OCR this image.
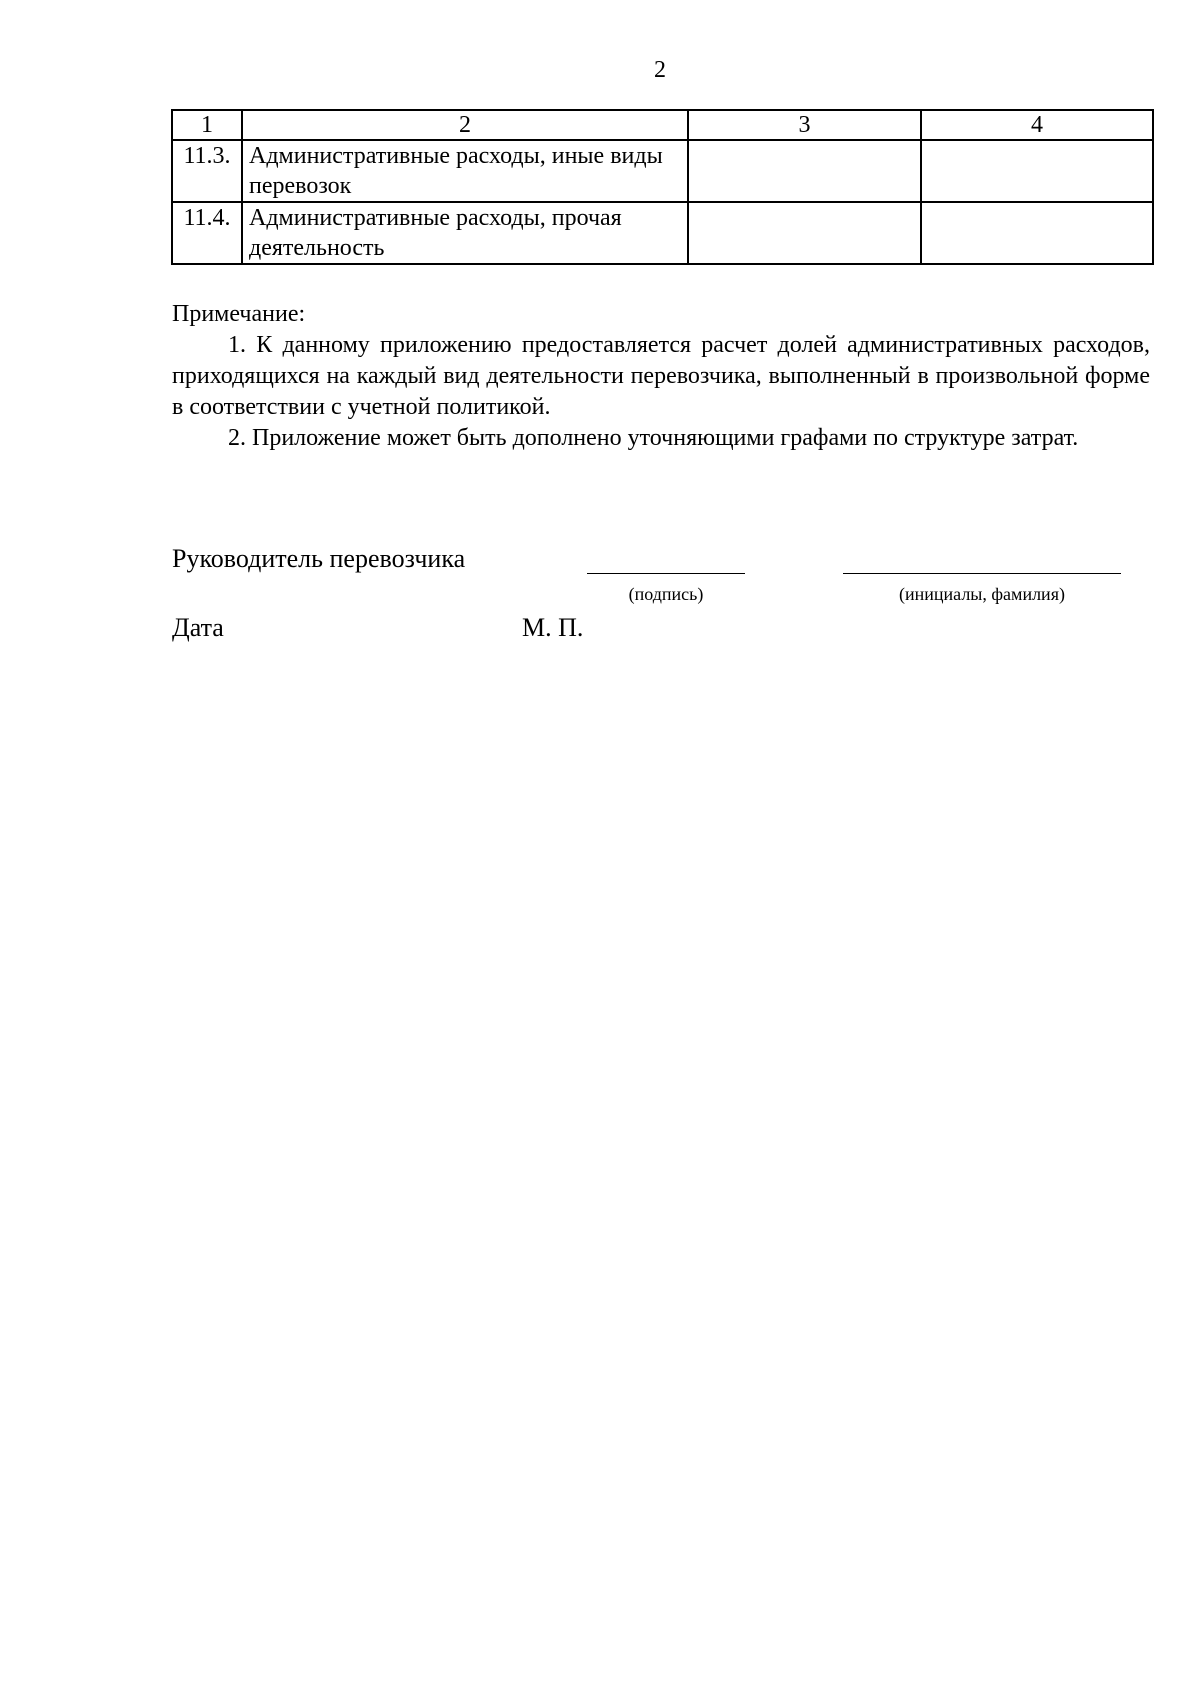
2
1	2	3	4
11.3.	Административные расходы, иные виды перевозок		
11.4.	Административные расходы, прочая деятельность		

Примечание:

1. К данному приложению предоставляется расчет долей административных расходов, приходящихся на каждый вид деятельности перевозчика, выполненный в произвольной форме в соответствии с учетной политикой.

2. Приложение может быть дополнено уточняющими графами по структуре затрат.

Руководитель перевозчика
(подпись)	(инициалы, фамилия)
Дата	М. П.
